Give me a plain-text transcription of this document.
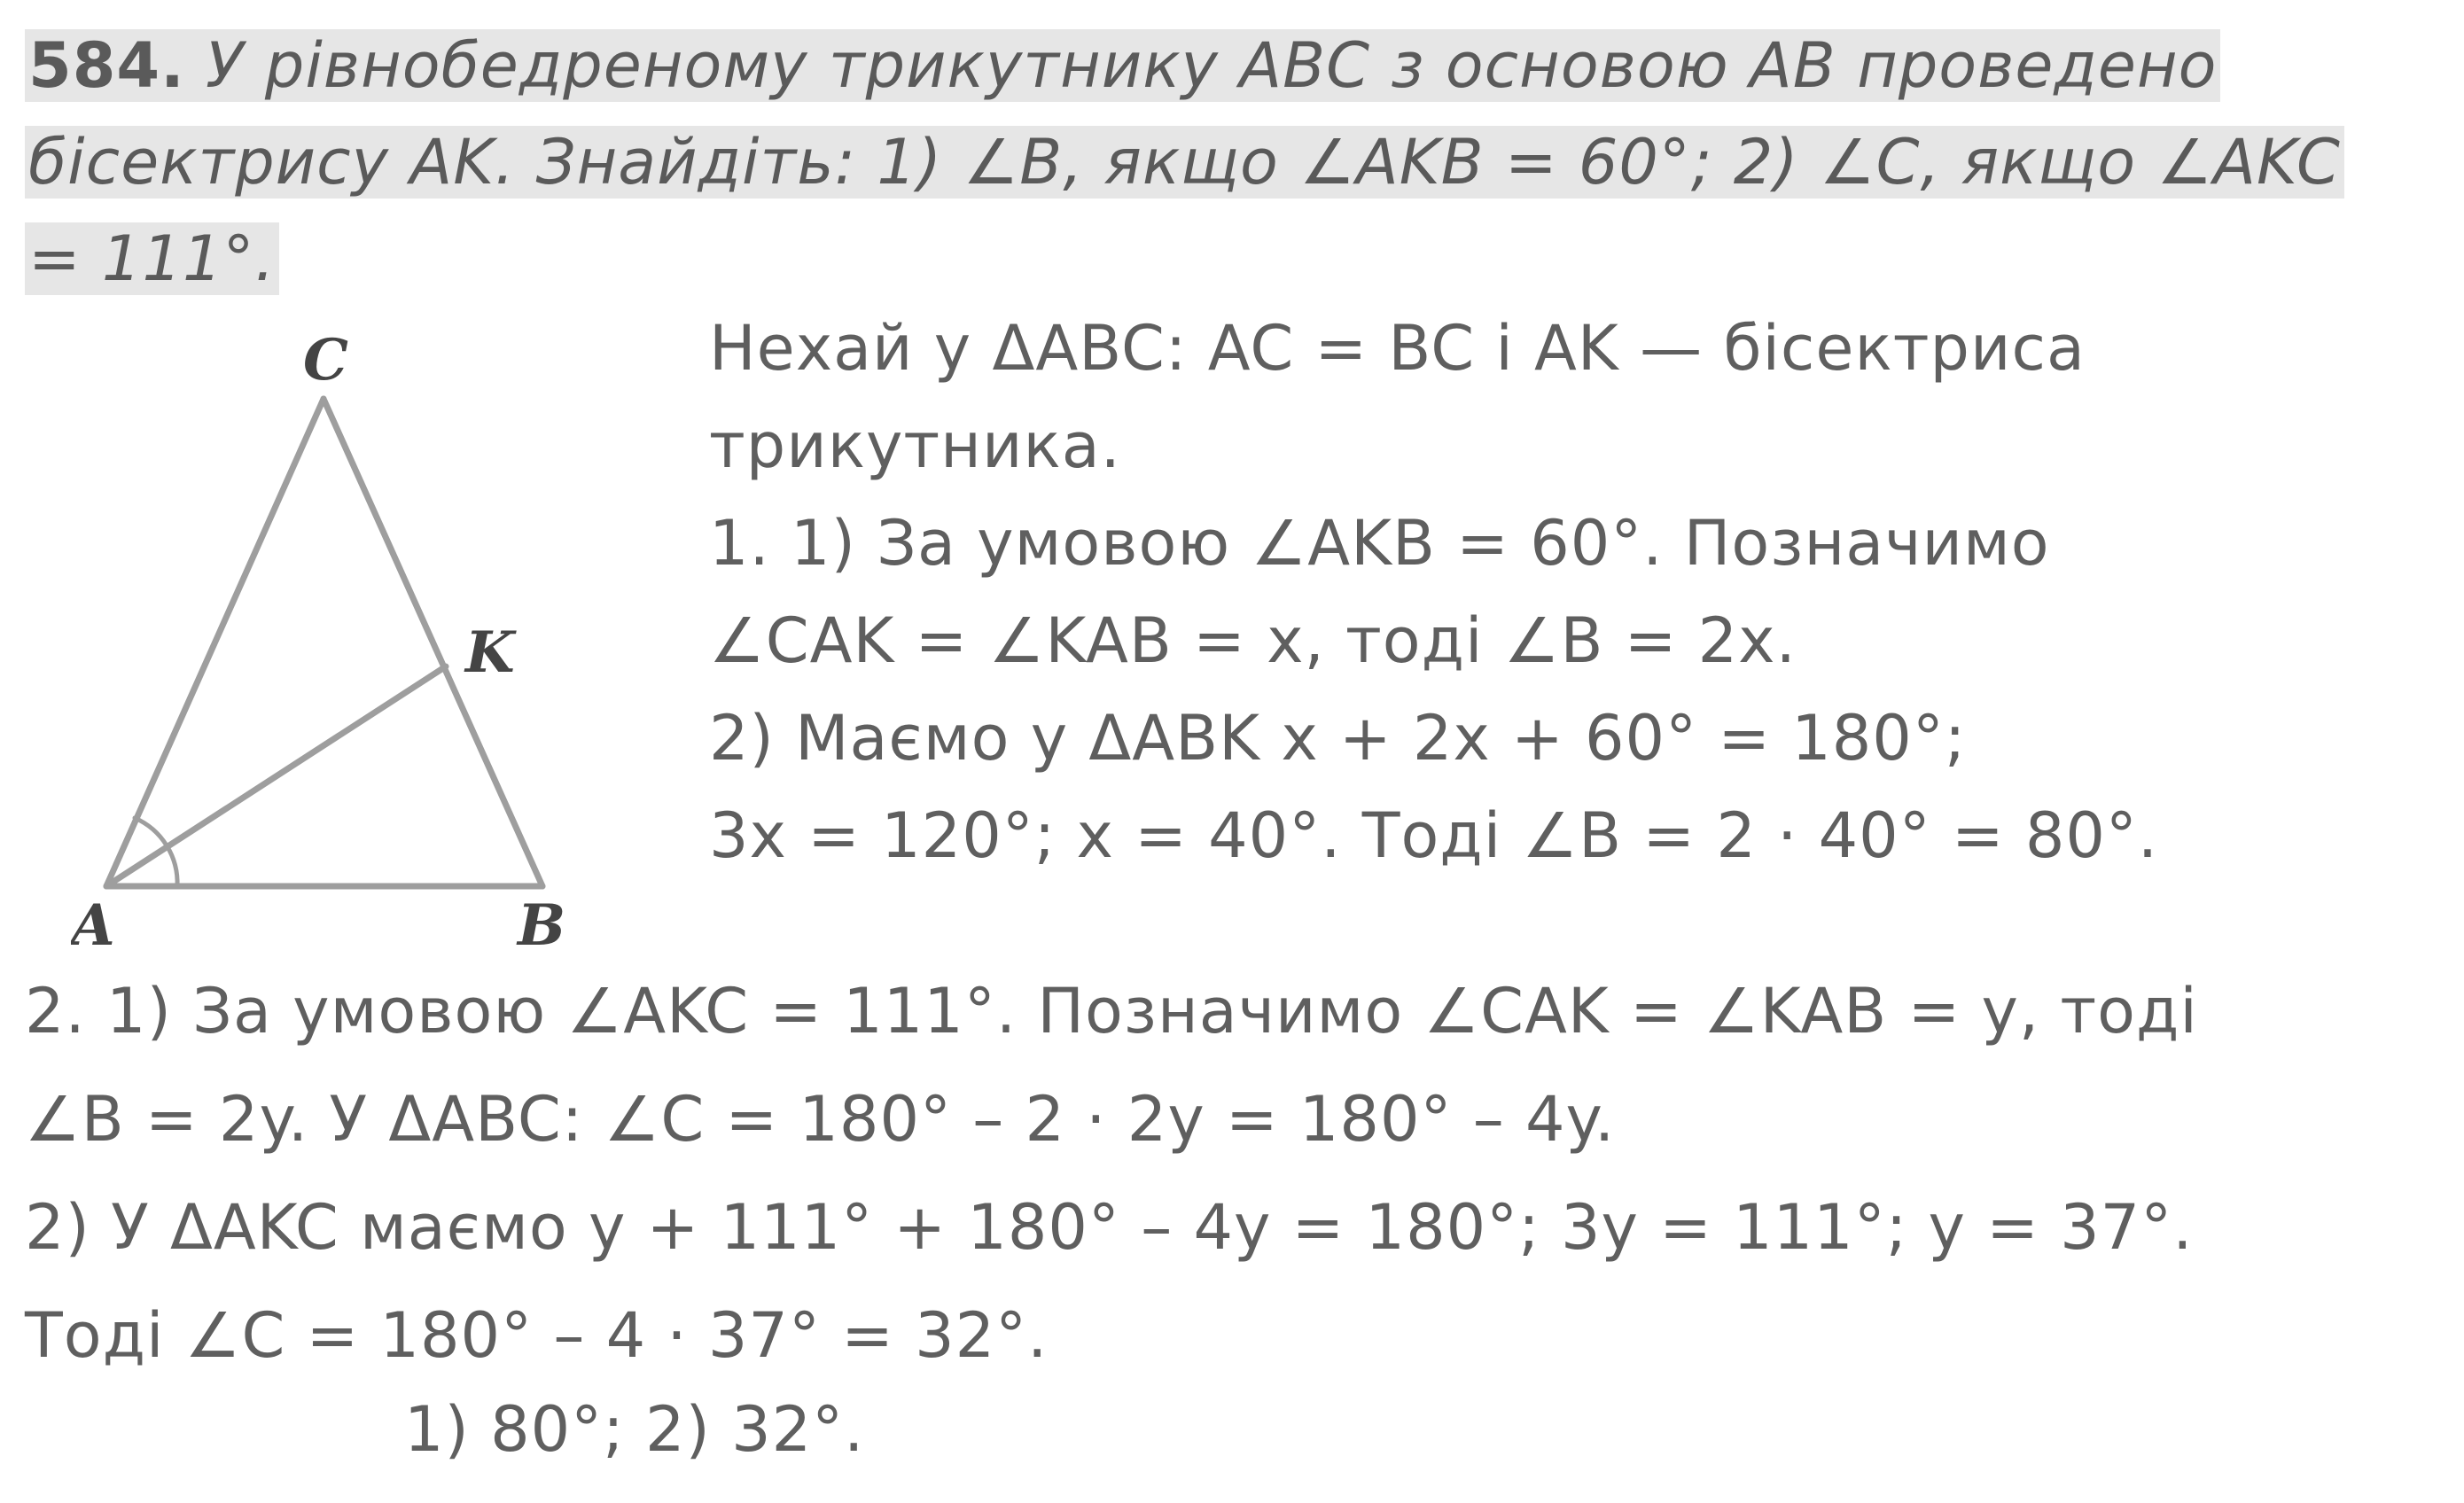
584. У рівнобедреному трикутнику ABC з основою AB проведено
бісектрису AK. Знайдіть: 1) ∠B, якщо ∠AKB = 60°; 2) ∠C, якщо ∠AKC
= 111°.
C
K
A	B
Нехай у ΔABC: AC = BC і AK — бісектриса
трикутника.
1. 1) За умовою ∠AKB = 60°. Позначимо
∠CAK = ∠KAB = x, тоді ∠B = 2x.
2) Маємо у ΔABK x + 2x + 60° = 180°;
3x = 120°; x = 40°. Тоді ∠B = 2 · 40° = 80°.
2. 1) За умовою ∠AKC = 111°. Позначимо ∠CAK = ∠KAB = y, тоді
∠B = 2y. У ΔABC: ∠C = 180° – 2 · 2y = 180° – 4y.
2) У ΔAKC маємо y + 111° + 180° – 4y = 180°; 3y = 111°; y = 37°.
Тоді ∠C = 180° – 4 · 37° = 32°.
1) 80°; 2) 32°.
